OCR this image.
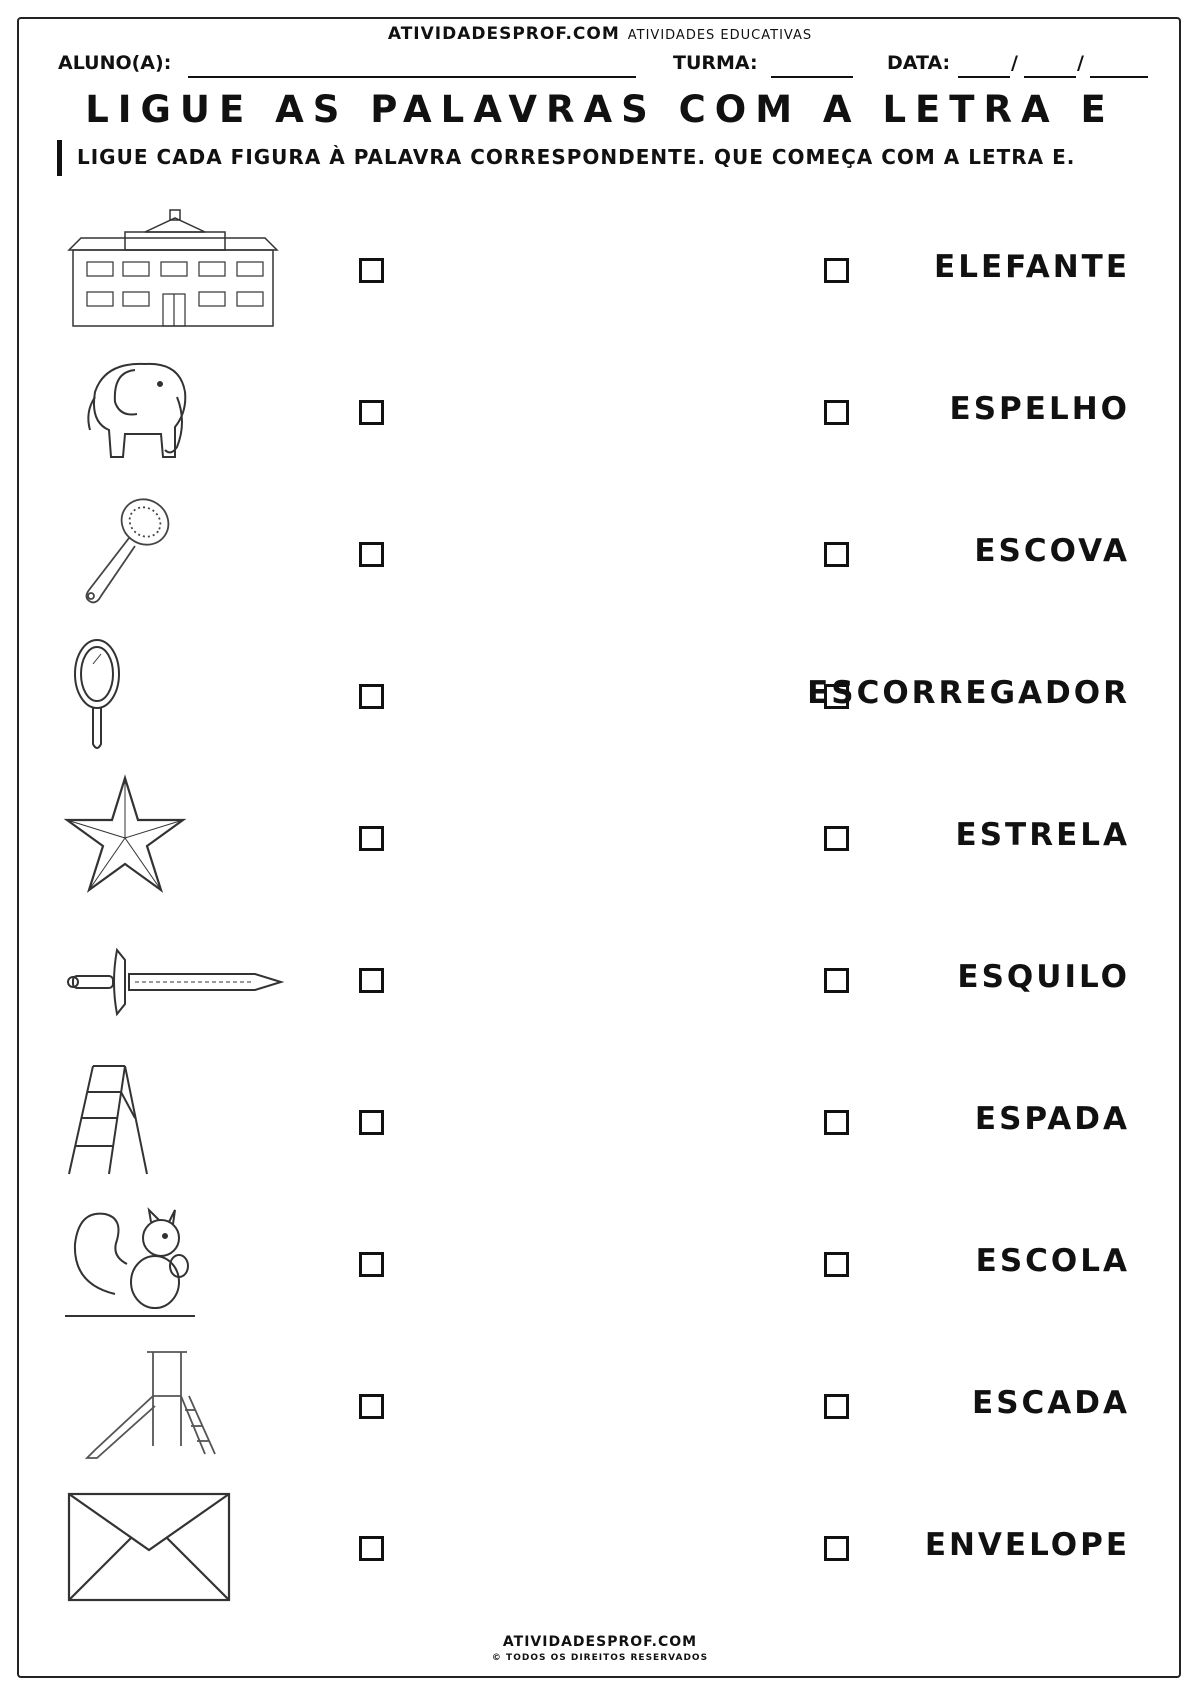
ATIVIDADESPROF.COM ATIVIDADES EDUCATIVAS
ALUNO(A):	TURMA:	DATA:	/	/
LIGUE AS PALAVRAS COM A LETRA E
LIGUE CADA FIGURA À PALAVRA CORRESPONDENTE. QUE COMEÇA COM A LETRA E.
ELEFANTE
ESPELHO
ESCOVA
ESCORREGADOR
ESTRELA
ESQUILO
ESPADA
ESCOLA
ESCADA
ENVELOPE
ATIVIDADESPROF.COM
© TODOS OS DIREITOS RESERVADOS
